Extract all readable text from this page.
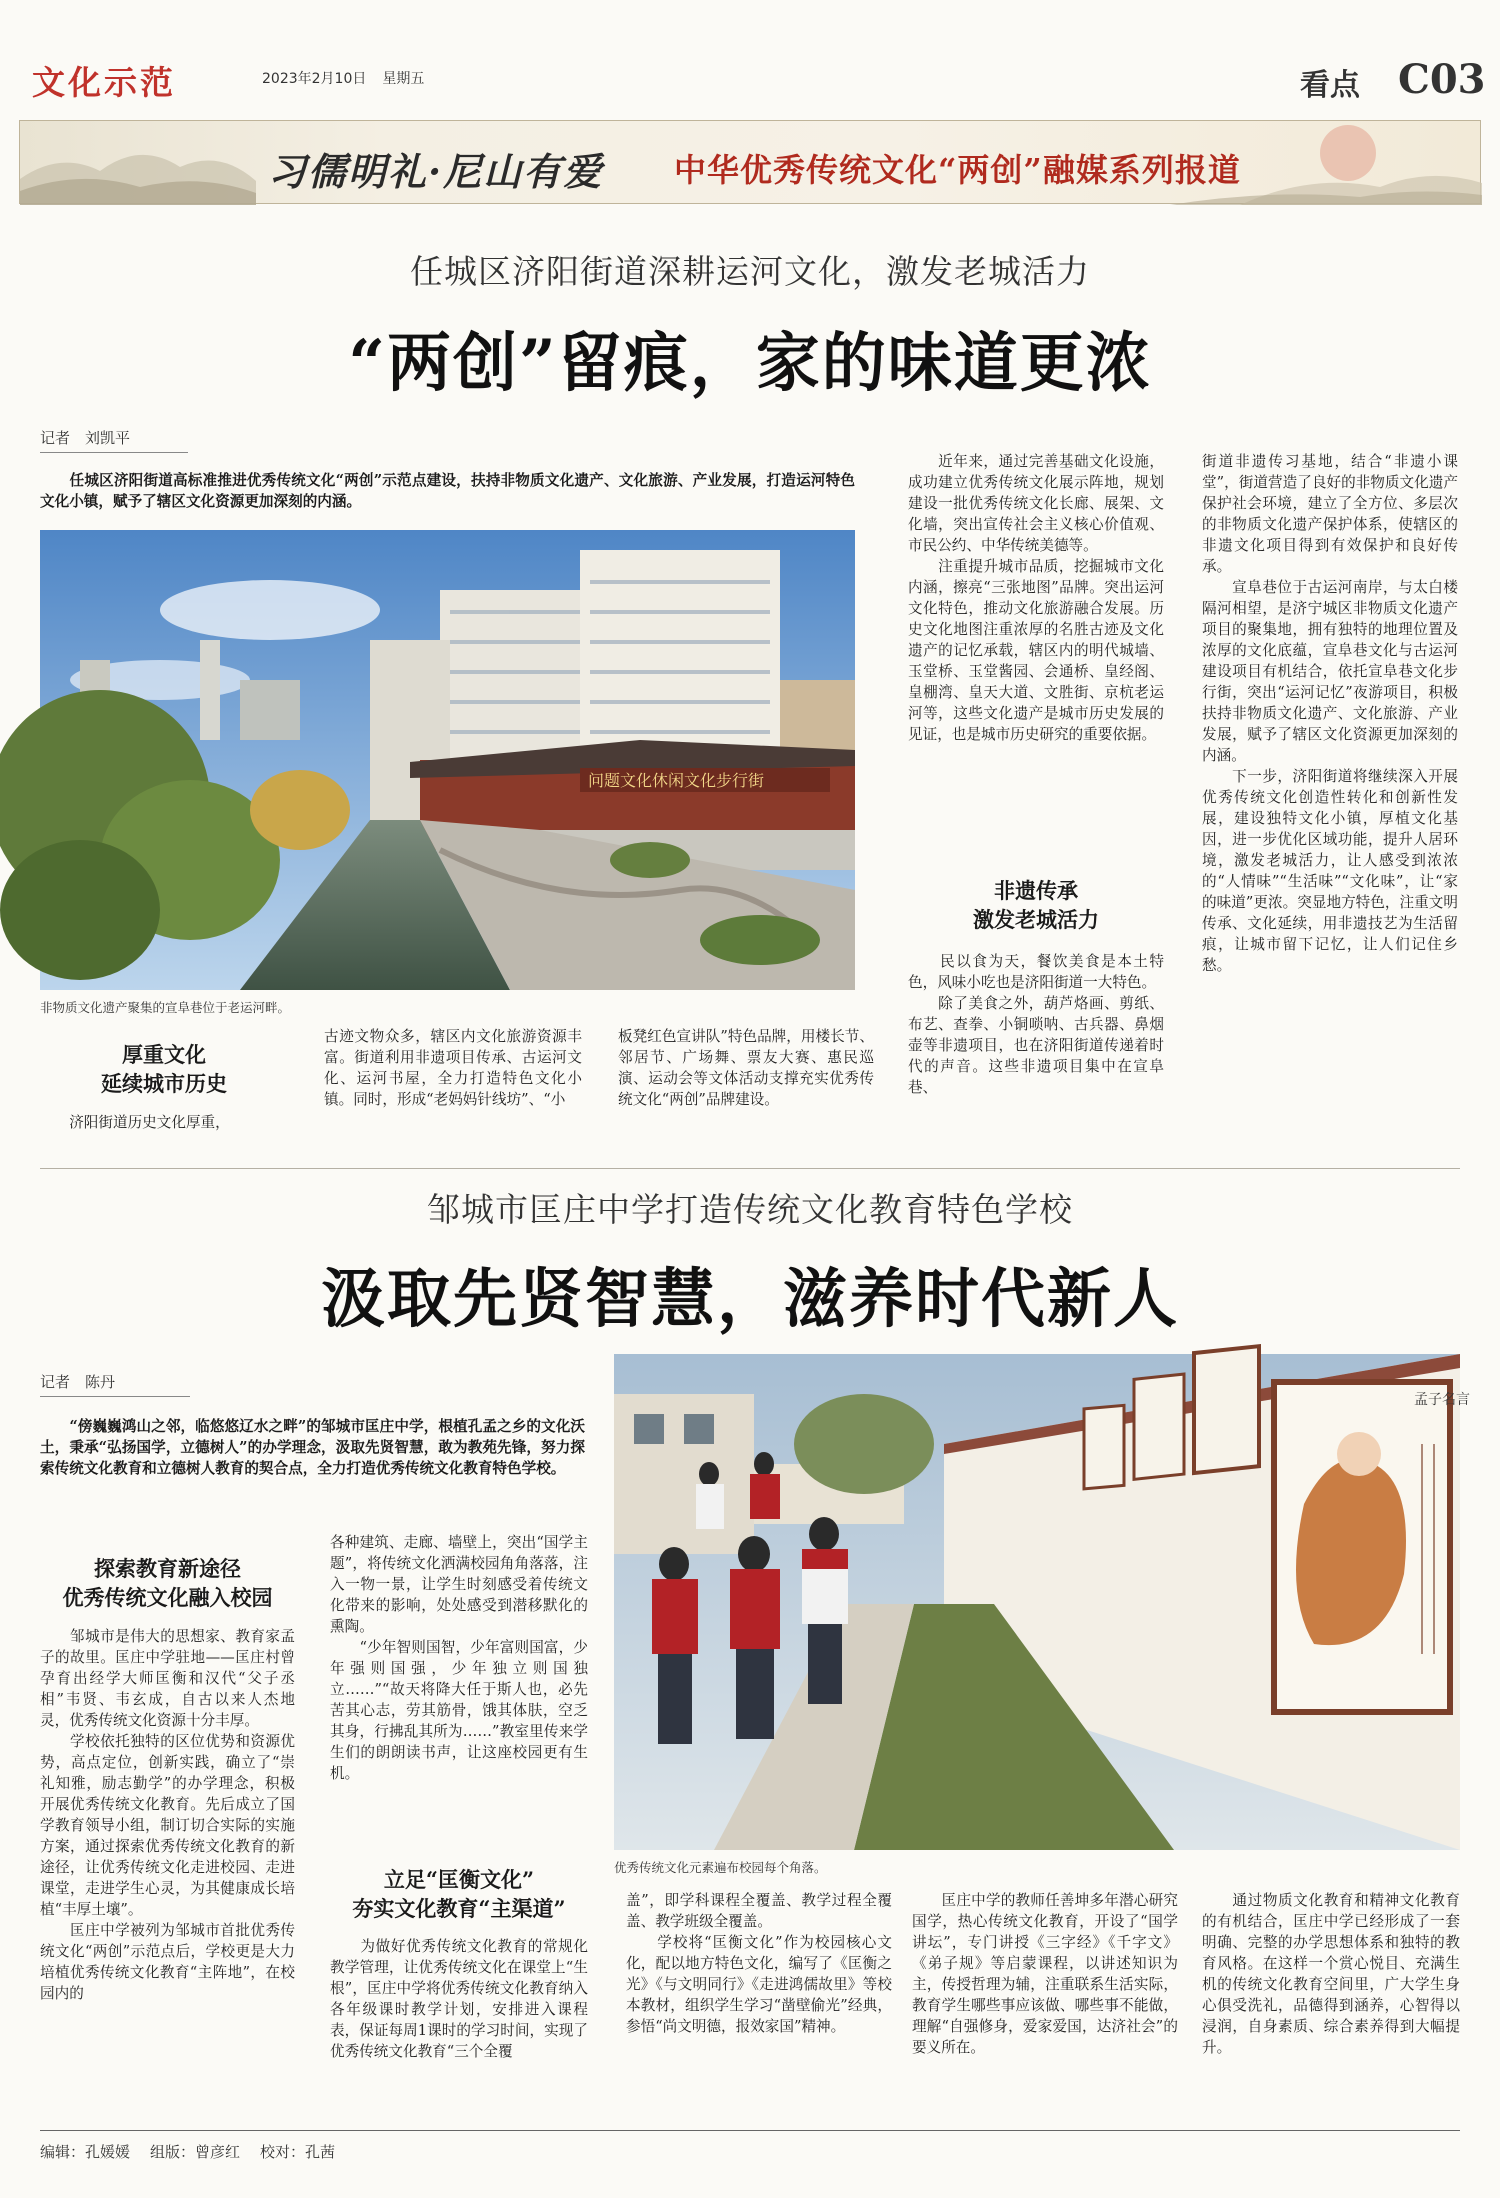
文化示范	2023年2月10日 星期五	看点 C03
习儒明礼·尼山有爱 中华优秀传统文化“两创”融媒系列报道
任城区济阳街道深耕运河文化，激发老城活力
“两创”留痕，家的味道更浓
记者　刘凯平
　　任城区济阳街道高标准推进优秀传统文化“两创”示范点建设，扶持非物质文化遗产、文化旅游、产业发展，打造运河特色文化小镇，赋予了辖区文化资源更加深刻的内涵。
问题文化休闲文化步行街
非物质文化遗产聚集的宣阜巷位于老运河畔。
厚重文化
延续城市历史
　　济阳街道历史文化厚重，
古迹文物众多，辖区内文化旅游资源丰富。街道利用非遗项目传承、古运河文化、运河书屋，全力打造特色文化小镇。同时，形成“老妈妈针线坊”、“小
板凳红色宣讲队”特色品牌，用楼长节、邻居节、广场舞、票友大赛、惠民巡演、运动会等文体活动支撑充实优秀传统文化“两创”品牌建设。
　　近年来，通过完善基础文化设施，成功建立优秀传统文化展示阵地，规划建设一批优秀传统文化长廊、展架、文化墙，突出宣传社会主义核心价值观、市民公约、中华传统美德等。
　　注重提升城市品质，挖掘城市文化内涵，擦亮“三张地图”品牌。突出运河文化特色，推动文化旅游融合发展。历史文化地图注重浓厚的名胜古迹及文化遗产的记忆承载，辖区内的明代城墙、玉堂桥、玉堂酱园、会通桥、皇经阁、皇棚湾、皇天大道、文胜街、京杭老运河等，这些文化遗产是城市历史发展的见证，也是城市历史研究的重要依据。
非遗传承
激发老城活力
　　民以食为天，餐饮美食是本土特色，风味小吃也是济阳街道一大特色。
　　除了美食之外，葫芦烙画、剪纸、布艺、查拳、小铜唢呐、古兵器、鼻烟壶等非遗项目，也在济阳街道传递着时代的声音。这些非遗项目集中在宣阜巷、
街道非遗传习基地，结合“非遗小课堂”，街道营造了良好的非物质文化遗产保护社会环境，建立了全方位、多层次的非物质文化遗产保护体系，使辖区的非遗文化项目得到有效保护和良好传承。
　　宣阜巷位于古运河南岸，与太白楼隔河相望，是济宁城区非物质文化遗产项目的聚集地，拥有独特的地理位置及浓厚的文化底蕴，宣阜巷文化与古运河建设项目有机结合，依托宣阜巷文化步行街，突出“运河记忆”夜游项目，积极扶持非物质文化遗产、文化旅游、产业发展，赋予了辖区文化资源更加深刻的内涵。
　　下一步，济阳街道将继续深入开展优秀传统文化创造性转化和创新性发展，建设独特文化小镇，厚植文化基因，进一步优化区域功能，提升人居环境，激发老城活力，让人感受到浓浓的“人情味”“生活味”“文化味”，让“家的味道”更浓。突显地方特色，注重文明传承、文化延续，用非遗技艺为生活留痕，让城市留下记忆，让人们记住乡愁。
邹城市匡庄中学打造传统文化教育特色学校
汲取先贤智慧，滋养时代新人
记者　陈丹
　　“傍巍巍鸿山之邻，临悠悠辽水之畔”的邹城市匡庄中学，根植孔孟之乡的文化沃土，秉承“弘扬国学，立德树人”的办学理念，汲取先贤智慧，敢为教苑先锋，努力探索传统文化教育和立德树人教育的契合点，全力打造优秀传统文化教育特色学校。
孟子名言
优秀传统文化元素遍布校园每个角落。
探索教育新途径
优秀传统文化融入校园
　　邹城市是伟大的思想家、教育家孟子的故里。匡庄中学驻地——匡庄村曾孕育出经学大师匡衡和汉代“父子丞相”韦贤、韦玄成，自古以来人杰地灵，优秀传统文化资源十分丰厚。
　　学校依托独特的区位优势和资源优势，高点定位，创新实践，确立了“崇礼知雅，励志勤学”的办学理念，积极开展优秀传统文化教育。先后成立了国学教育领导小组，制订切合实际的实施方案，通过探索优秀传统文化教育的新途径，让优秀传统文化走进校园、走进课堂，走进学生心灵，为其健康成长培植“丰厚土壤”。
　　匡庄中学被列为邹城市首批优秀传统文化“两创”示范点后，学校更是大力培植优秀传统文化教育“主阵地”，在校园内的
各种建筑、走廊、墙壁上，突出“国学主题”，将传统文化洒满校园角角落落，注入一物一景，让学生时刻感受着传统文化带来的影响，处处感受到潜移默化的熏陶。
　　“少年智则国智，少年富则国富，少年强则国强，少年独立则国独立……”“故天将降大任于斯人也，必先苦其心志，劳其筋骨，饿其体肤，空乏其身，行拂乱其所为……”教室里传来学生们的朗朗读书声，让这座校园更有生机。
立足“匡衡文化”
夯实文化教育“主渠道”
　　为做好优秀传统文化教育的常规化教学管理，让优秀传统文化在课堂上“生根”，匡庄中学将优秀传统文化教育纳入各年级课时教学计划，安排进入课程表，保证每周1课时的学习时间，实现了优秀传统文化教育“三个全覆
盖”，即学科课程全覆盖、教学过程全覆盖、教学班级全覆盖。
　　学校将“匡衡文化”作为校园核心文化，配以地方特色文化，编写了《匡衡之光》《与文明同行》《走进鸿儒故里》等校本教材，组织学生学习“凿壁偷光”经典，参悟“尚文明德，报效家国”精神。
　　匡庄中学的教师任善坤多年潜心研究国学，热心传统文化教育，开设了“国学讲坛”，专门讲授《三字经》《千字文》《弟子规》等启蒙课程，以讲述知识为主，传授哲理为辅，注重联系生活实际，教育学生哪些事应该做、哪些事不能做，理解“自强修身，爱家爱国，达济社会”的要义所在。
　　通过物质文化教育和精神文化教育的有机结合，匡庄中学已经形成了一套明确、完整的办学思想体系和独特的教育风格。在这样一个赏心悦目、充满生机的传统文化教育空间里，广大学生身心俱受洗礼，品德得到涵养，心智得以浸润，自身素质、综合素养得到大幅提升。
编辑：孔媛媛 组版：曾彦红 校对：孔茜
